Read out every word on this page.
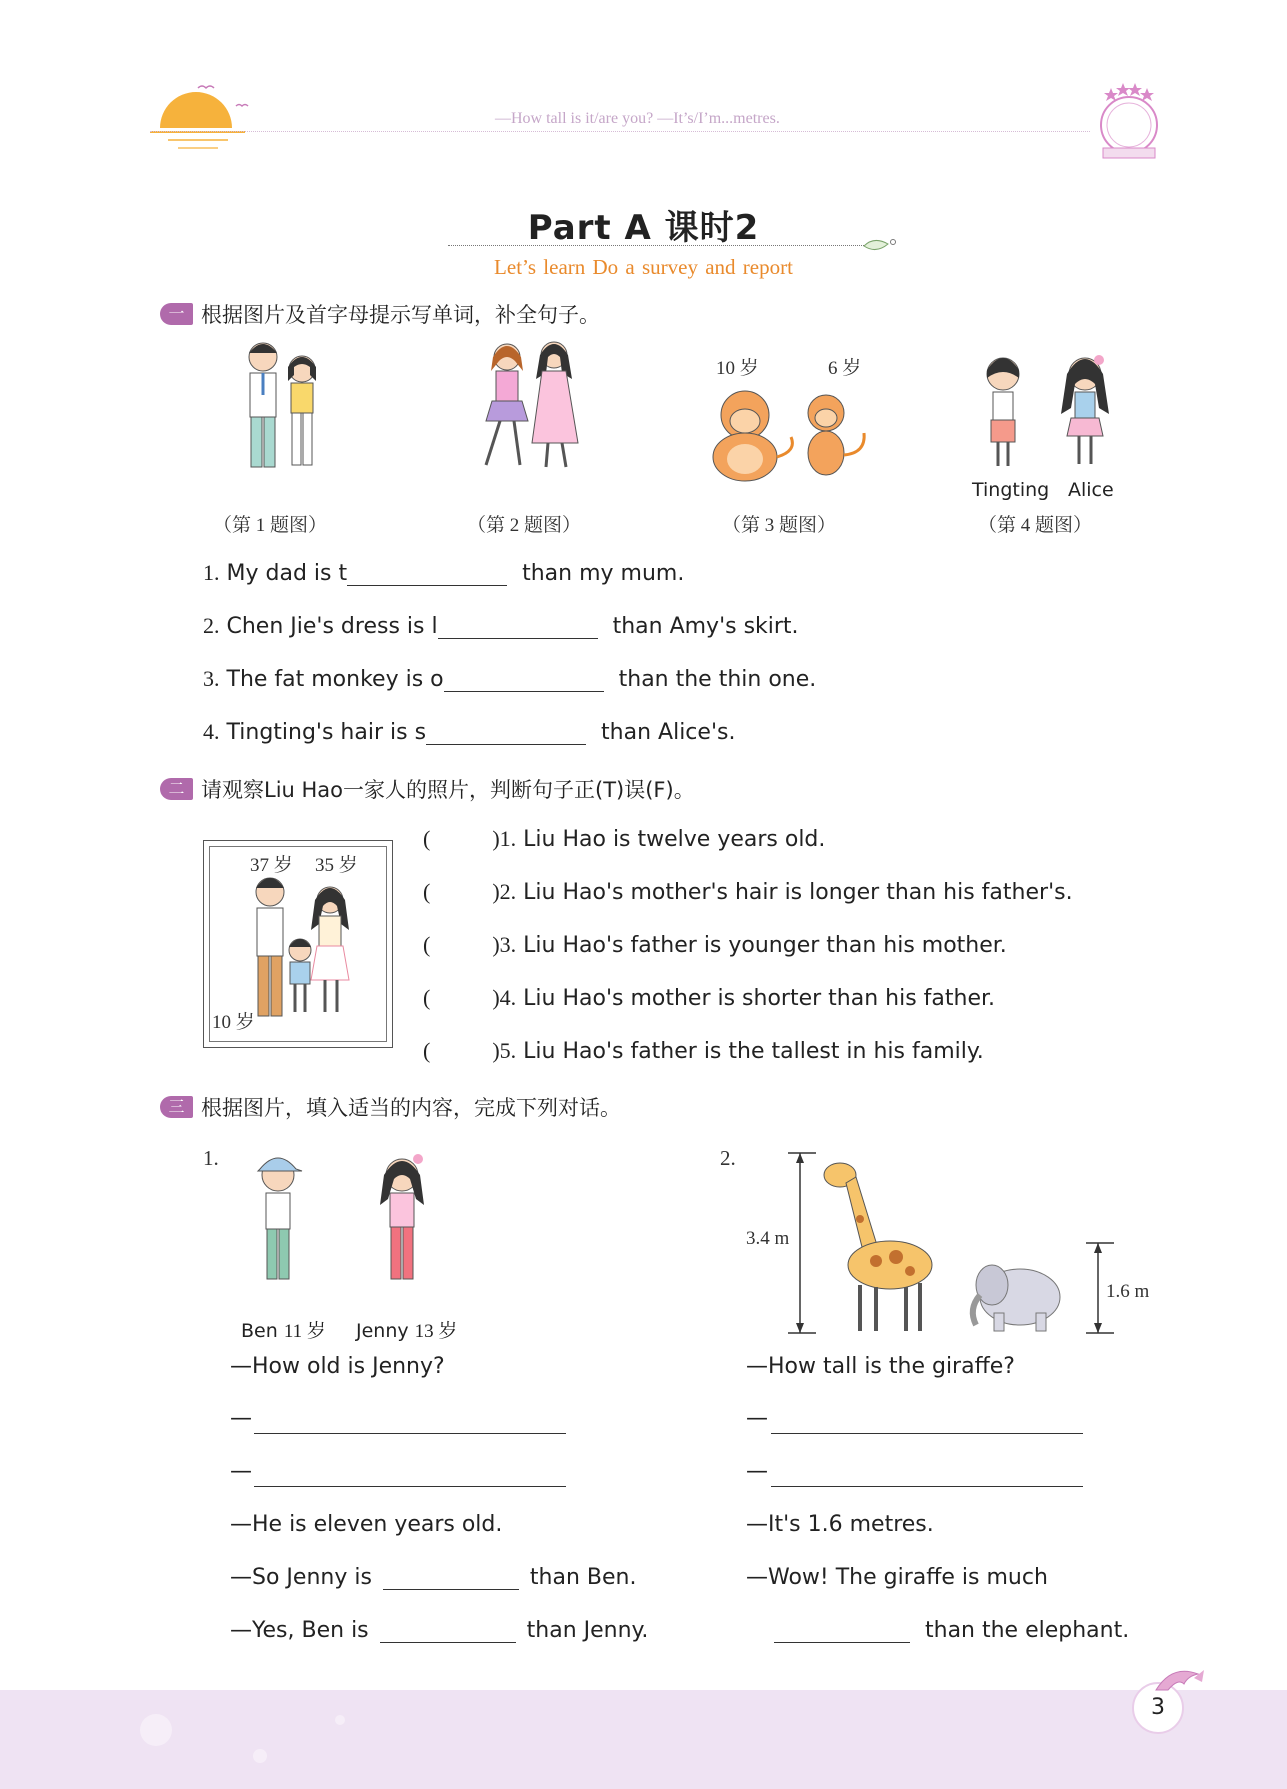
—How tall is it/are you? —It’s/I’m...metres.
Part A 课时2
Let’s learn Do a survey and report
一 根据图片及首字母提示写单词，补全句子。
10 岁	6 岁
Tingting Alice
（第 1 题图）	（第 2 题图）	（第 3 题图）	（第 4 题图）
1. My dad is t	than my mum.
2. Chen Jie's dress is l	than Amy's skirt.
3. The fat monkey is o	than the thin one.
4. Tingting's hair is s	than Alice's.
二 请观察Liu Hao一家人的照片，判断句子正(T)误(F)。
37 岁 35 岁
10 岁
(	)1. Liu Hao is twelve years old.
(	)2. Liu Hao's mother's hair is longer than his father's.
(	)3. Liu Hao's father is younger than his mother.
(	)4. Liu Hao's mother is shorter than his father.
(	)5. Liu Hao's father is the tallest in his family.
三 根据图片，填入适当的内容，完成下列对话。
1.
Ben 11 岁 Jenny 13 岁
—How old is Jenny?
—
—
—He is eleven years old.
—So Jenny is	than Ben.
—Yes, Ben is	than Jenny.
2.
3.4 m
1.6 m
—How tall is the giraffe?
—
—
—It's 1.6 metres.
—Wow! The giraffe is much
than the elephant.
3
